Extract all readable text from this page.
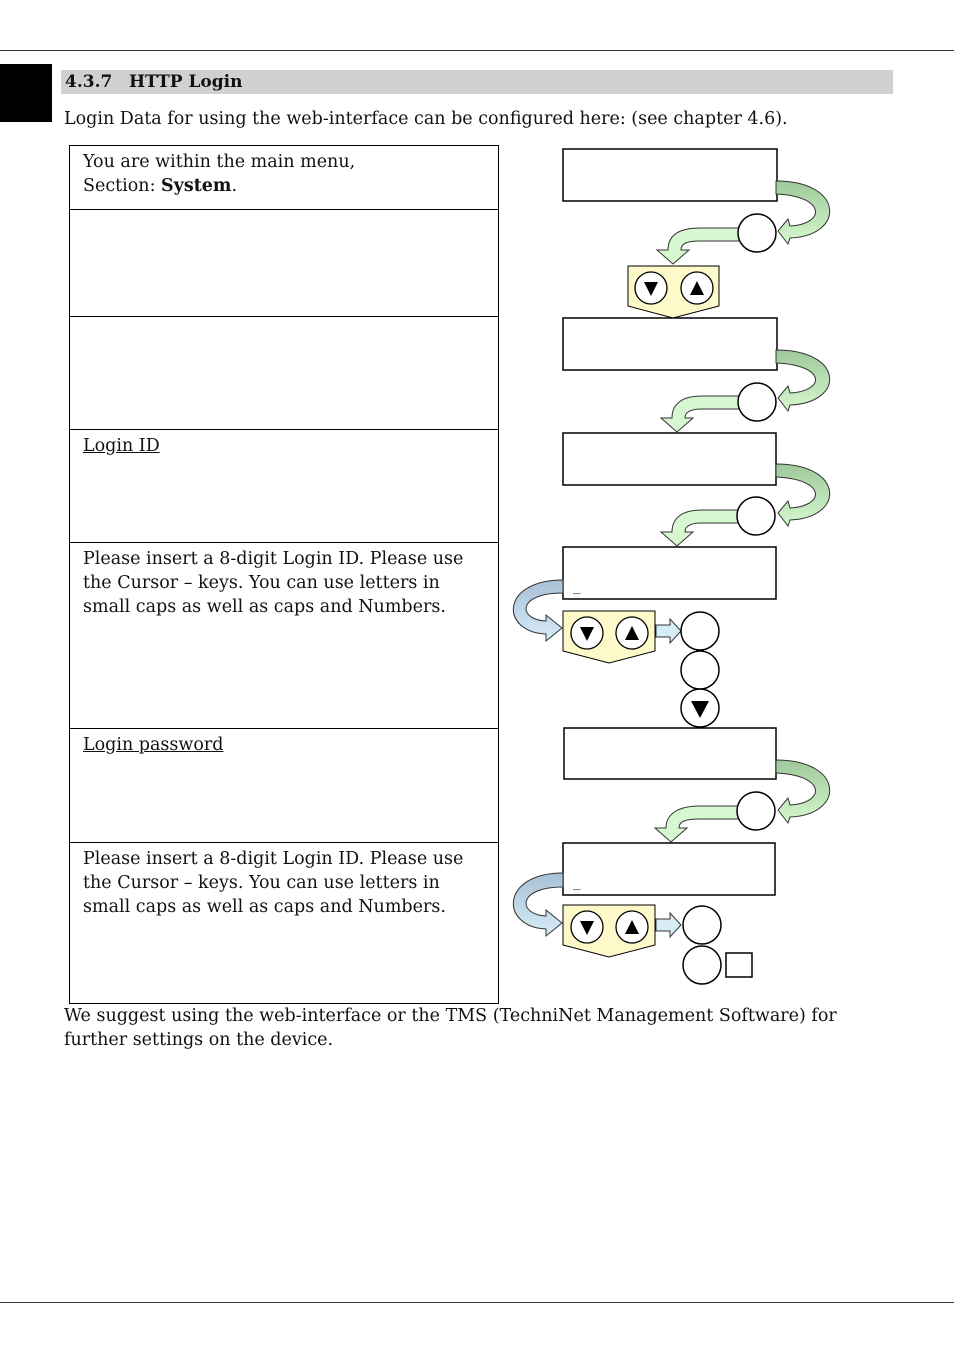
4.3.7 HTTP Login
Login Data for using the web-interface can be configured here: (see chapter 4.6).
You are within the main menu,
Section: System.
Login ID
Please insert a 8-digit Login ID. Please use the Cursor – keys. You can use letters in small caps as well as caps and Numbers.
Login password
Please insert a 8-digit Login ID. Please use the Cursor – keys. You can use letters in small caps as well as caps and Numbers.
We suggest using the web-interface or the TMS (TechniNet Management Software) for further settings on the device.
_
_
